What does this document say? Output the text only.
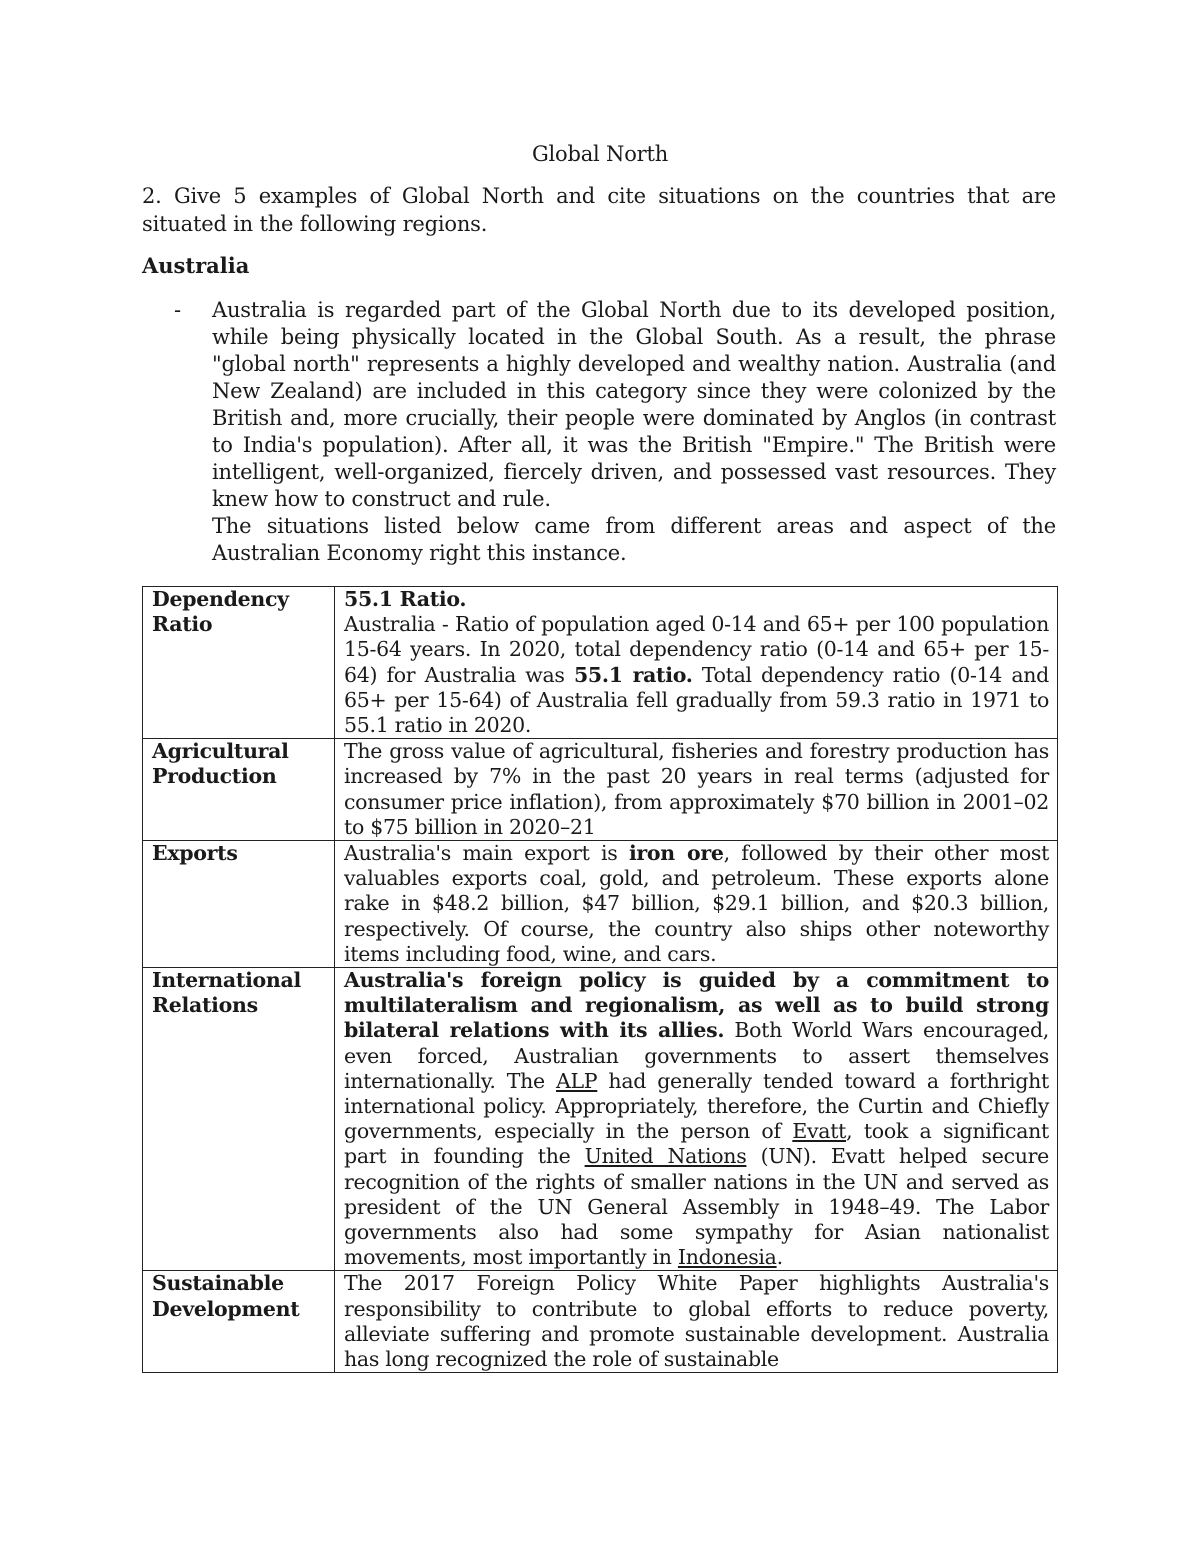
Global North
2. Give 5 examples of Global North and cite situations on the countries that are situated in the following regions.
Australia
- Australia is regarded part of the Global North due to its developed position, while being physically located in the Global South. As a result, the phrase "global north" represents a highly developed and wealthy nation. Australia (and New Zealand) are included in this category since they were colonized by the British and, more crucially, their people were dominated by Anglos (in contrast to India's population). After all, it was the British "Empire." The British were intelligent, well-organized, fiercely driven, and possessed vast resources. They knew how to construct and rule.

The situations listed below came from different areas and aspect of the Australian Economy right this instance.

Dependency
Ratio	55.1 Ratio.
Australia - Ratio of population aged 0-14 and 65+ per 100 population 15-64 years. In 2020, total dependency ratio (0-14 and 65+ per 15-64) for Australia was 55.1 ratio. Total dependency ratio (0-14 and 65+ per 15-64) of Australia fell gradually from 59.3 ratio in 1971 to 55.1 ratio in 2020.
Agricultural
Production	The gross value of agricultural, fisheries and forestry production has increased by 7% in the past 20 years in real terms (adjusted for consumer price inflation), from approximately $70 billion in 2001–02 to $75 billion in 2020–21
Exports	Australia's main export is iron ore, followed by their other most valuables exports coal, gold, and petroleum. These exports alone rake in $48.2 billion, $47 billion, $29.1 billion, and $20.3 billion, respectively. Of course, the country also ships other noteworthy items including food, wine, and cars.
International
Relations	Australia's foreign policy is guided by a commitment to multilateralism and regionalism, as well as to build strong bilateral relations with its allies. Both World Wars encouraged, even forced, Australian governments to assert themselves internationally. The ALP had generally tended toward a forthright international policy. Appropriately, therefore, the Curtin and Chiefly governments, especially in the person of Evatt, took a significant part in founding the United Nations (UN). Evatt helped secure recognition of the rights of smaller nations in the UN and served as president of the UN General Assembly in 1948–49. The Labor governments also had some sympathy for Asian nationalist movements, most importantly in Indonesia.
Sustainable
Development	The 2017 Foreign Policy White Paper highlights Australia's responsibility to contribute to global efforts to reduce poverty, alleviate suffering and promote sustainable development. Australia has long recognized the role of sustainable
